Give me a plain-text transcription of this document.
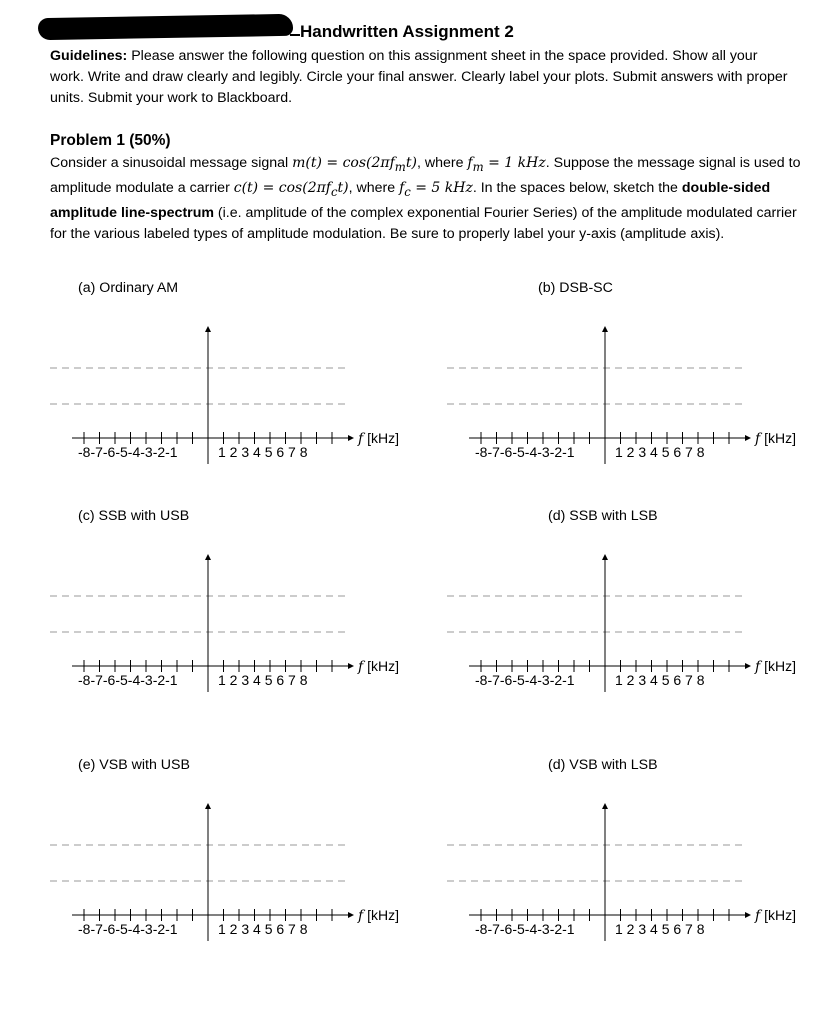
Handwritten Assignment 2
Guidelines: Please answer the following question on this assignment sheet in the space provided. Show all your work. Write and draw clearly and legibly. Circle your final answer. Clearly label your plots. Submit answers with proper units. Submit your work to Blackboard.
Problem 1 (50%)
Consider a sinusoidal message signal $m(t) = \cos(2\pi f_mt)$, where $f_m = 1$ kHz. Suppose the message signal is used to amplitude modulate a carrier $c(t) = \cos(2\pi f_ct)$, where $f_c = 5$ kHz. In the spaces below, sketch the double-sided amplitude line-spectrum (i.e. amplitude of the complex exponential Fourier Series) of the amplitude modulated carrier for the various labeled types of amplitude modulation. Be sure to properly label your y-axis (amplitude axis).
(a) Ordinary AM	(b) DSB-SC
(c) SSB with USB	(d) SSB with LSB
(e) VSB with USB	(d) VSB with LSB
-8-7-6-5-4-3-2-1	1 2 3 4 5 6 7 8
f [kHz]
-8-7-6-5-4-3-2-1	1 2 3 4 5 6 7 8
f [kHz]
-8-7-6-5-4-3-2-1	1 2 3 4 5 6 7 8
f [kHz]
-8-7-6-5-4-3-2-1	1 2 3 4 5 6 7 8
f [kHz]
-8-7-6-5-4-3-2-1	1 2 3 4 5 6 7 8
f [kHz]
-8-7-6-5-4-3-2-1	1 2 3 4 5 6 7 8
f [kHz]
